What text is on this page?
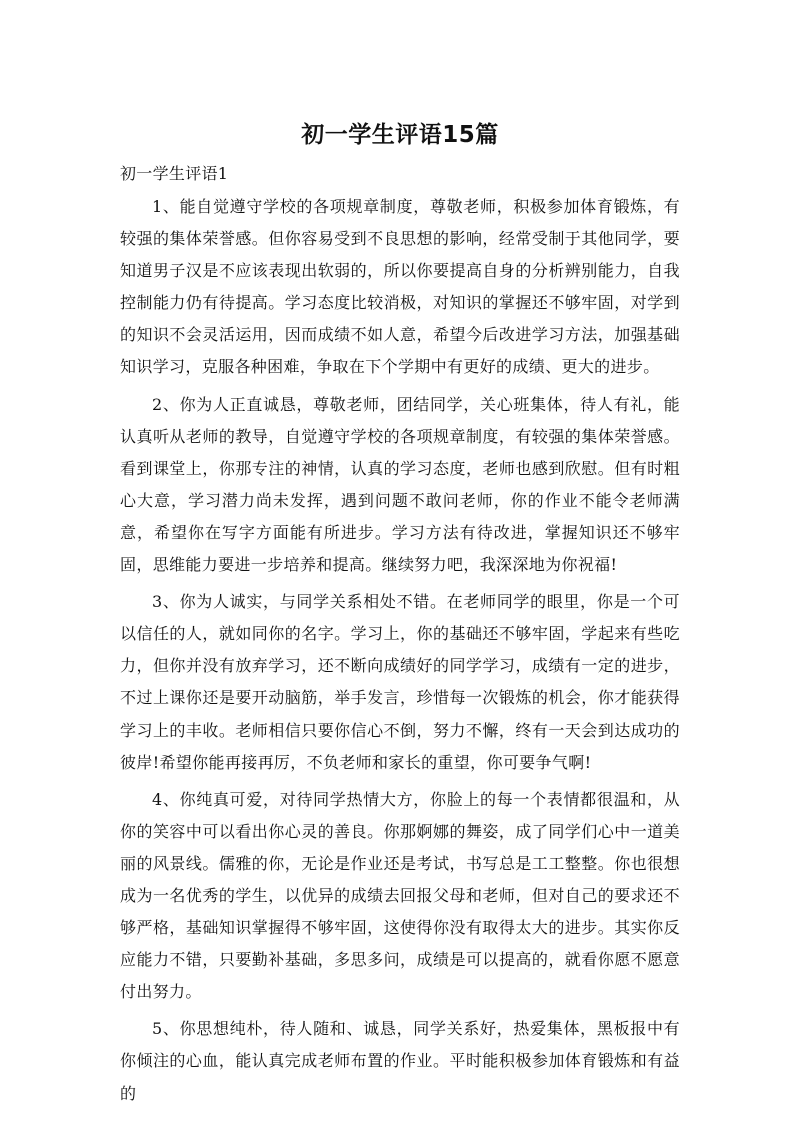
初一学生评语15篇
初一学生评语1

1、能自觉遵守学校的各项规章制度，尊敬老师，积极参加体育锻炼，有较强的集体荣誉感。但你容易受到不良思想的影响，经常受制于其他同学，要知道男子汉是不应该表现出软弱的，所以你要提高自身的分析辨别能力，自我控制能力仍有待提高。学习态度比较消极，对知识的掌握还不够牢固，对学到的知识不会灵活运用，因而成绩不如人意，希望今后改进学习方法，加强基础知识学习，克服各种困难，争取在下个学期中有更好的成绩、更大的进步。

2、你为人正直诚恳，尊敬老师，团结同学，关心班集体，待人有礼，能认真听从老师的教导，自觉遵守学校的各项规章制度，有较强的集体荣誉感。看到课堂上，你那专注的神情，认真的学习态度，老师也感到欣慰。但有时粗心大意，学习潜力尚未发挥，遇到问题不敢问老师，你的作业不能令老师满意，希望你在写字方面能有所进步。学习方法有待改进，掌握知识还不够牢固，思维能力要进一步培养和提高。继续努力吧，我深深地为你祝福!

3、你为人诚实，与同学关系相处不错。在老师同学的眼里，你是一个可以信任的人，就如同你的名字。学习上，你的基础还不够牢固，学起来有些吃力，但你并没有放弃学习，还不断向成绩好的同学学习，成绩有一定的进步，不过上课你还是要开动脑筋，举手发言，珍惜每一次锻炼的机会，你才能获得学习上的丰收。老师相信只要你信心不倒，努力不懈，终有一天会到达成功的彼岸!希望你能再接再厉，不负老师和家长的重望，你可要争气啊!

4、你纯真可爱，对待同学热情大方，你脸上的每一个表情都很温和，从你的笑容中可以看出你心灵的善良。你那婀娜的舞姿，成了同学们心中一道美丽的风景线。儒雅的你，无论是作业还是考试，书写总是工工整整。你也很想成为一名优秀的学生，以优异的成绩去回报父母和老师，但对自己的要求还不够严格，基础知识掌握得不够牢固，这使得你没有取得太大的进步。其实你反应能力不错，只要勤补基础，多思多问，成绩是可以提高的，就看你愿不愿意付出努力。

5、你思想纯朴，待人随和、诚恳，同学关系好，热爱集体，黑板报中有你倾注的心血，能认真完成老师布置的作业。平时能积极参加体育锻炼和有益的
